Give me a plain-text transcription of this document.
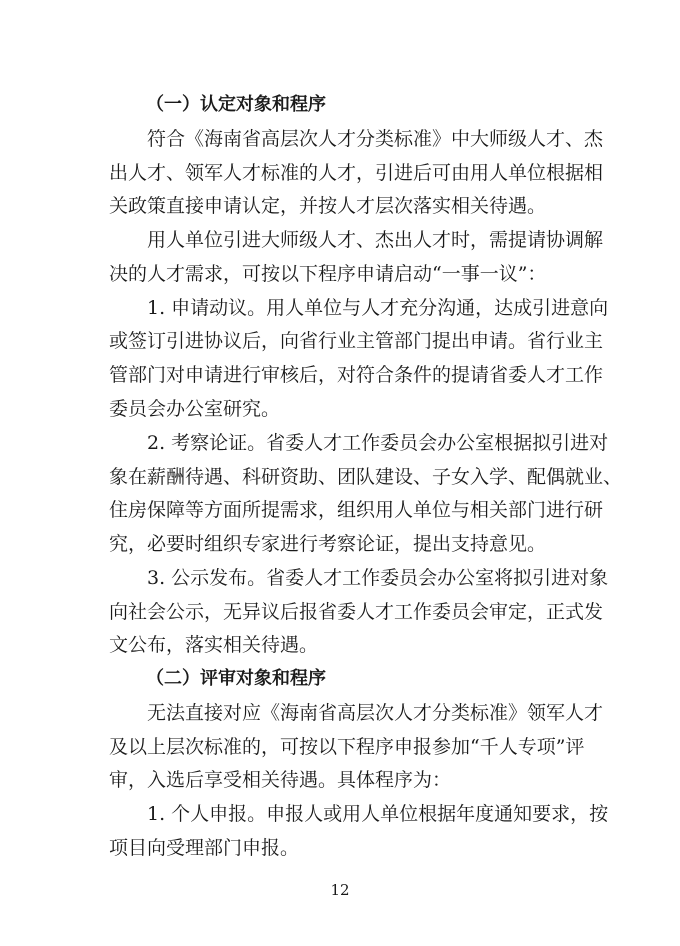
（一）认定对象和程序
符合《海南省高层次人才分类标准》中大师级人才、杰
出人才、领军人才标准的人才，引进后可由用人单位根据相
关政策直接申请认定，并按人才层次落实相关待遇。
用人单位引进大师级人才、杰出人才时，需提请协调解
决的人才需求，可按以下程序申请启动“一事一议”：
1. 申请动议。用人单位与人才充分沟通，达成引进意向
或签订引进协议后，向省行业主管部门提出申请。省行业主
管部门对申请进行审核后，对符合条件的提请省委人才工作
委员会办公室研究。
2. 考察论证。省委人才工作委员会办公室根据拟引进对
象在薪酬待遇、科研资助、团队建设、子女入学、配偶就业、
住房保障等方面所提需求，组织用人单位与相关部门进行研
究，必要时组织专家进行考察论证，提出支持意见。
3. 公示发布。省委人才工作委员会办公室将拟引进对象
向社会公示，无异议后报省委人才工作委员会审定，正式发
文公布，落实相关待遇。
（二）评审对象和程序
无法直接对应《海南省高层次人才分类标准》领军人才
及以上层次标准的，可按以下程序申报参加“千人专项”评
审，入选后享受相关待遇。具体程序为：
1. 个人申报。申报人或用人单位根据年度通知要求，按
项目向受理部门申报。
12
